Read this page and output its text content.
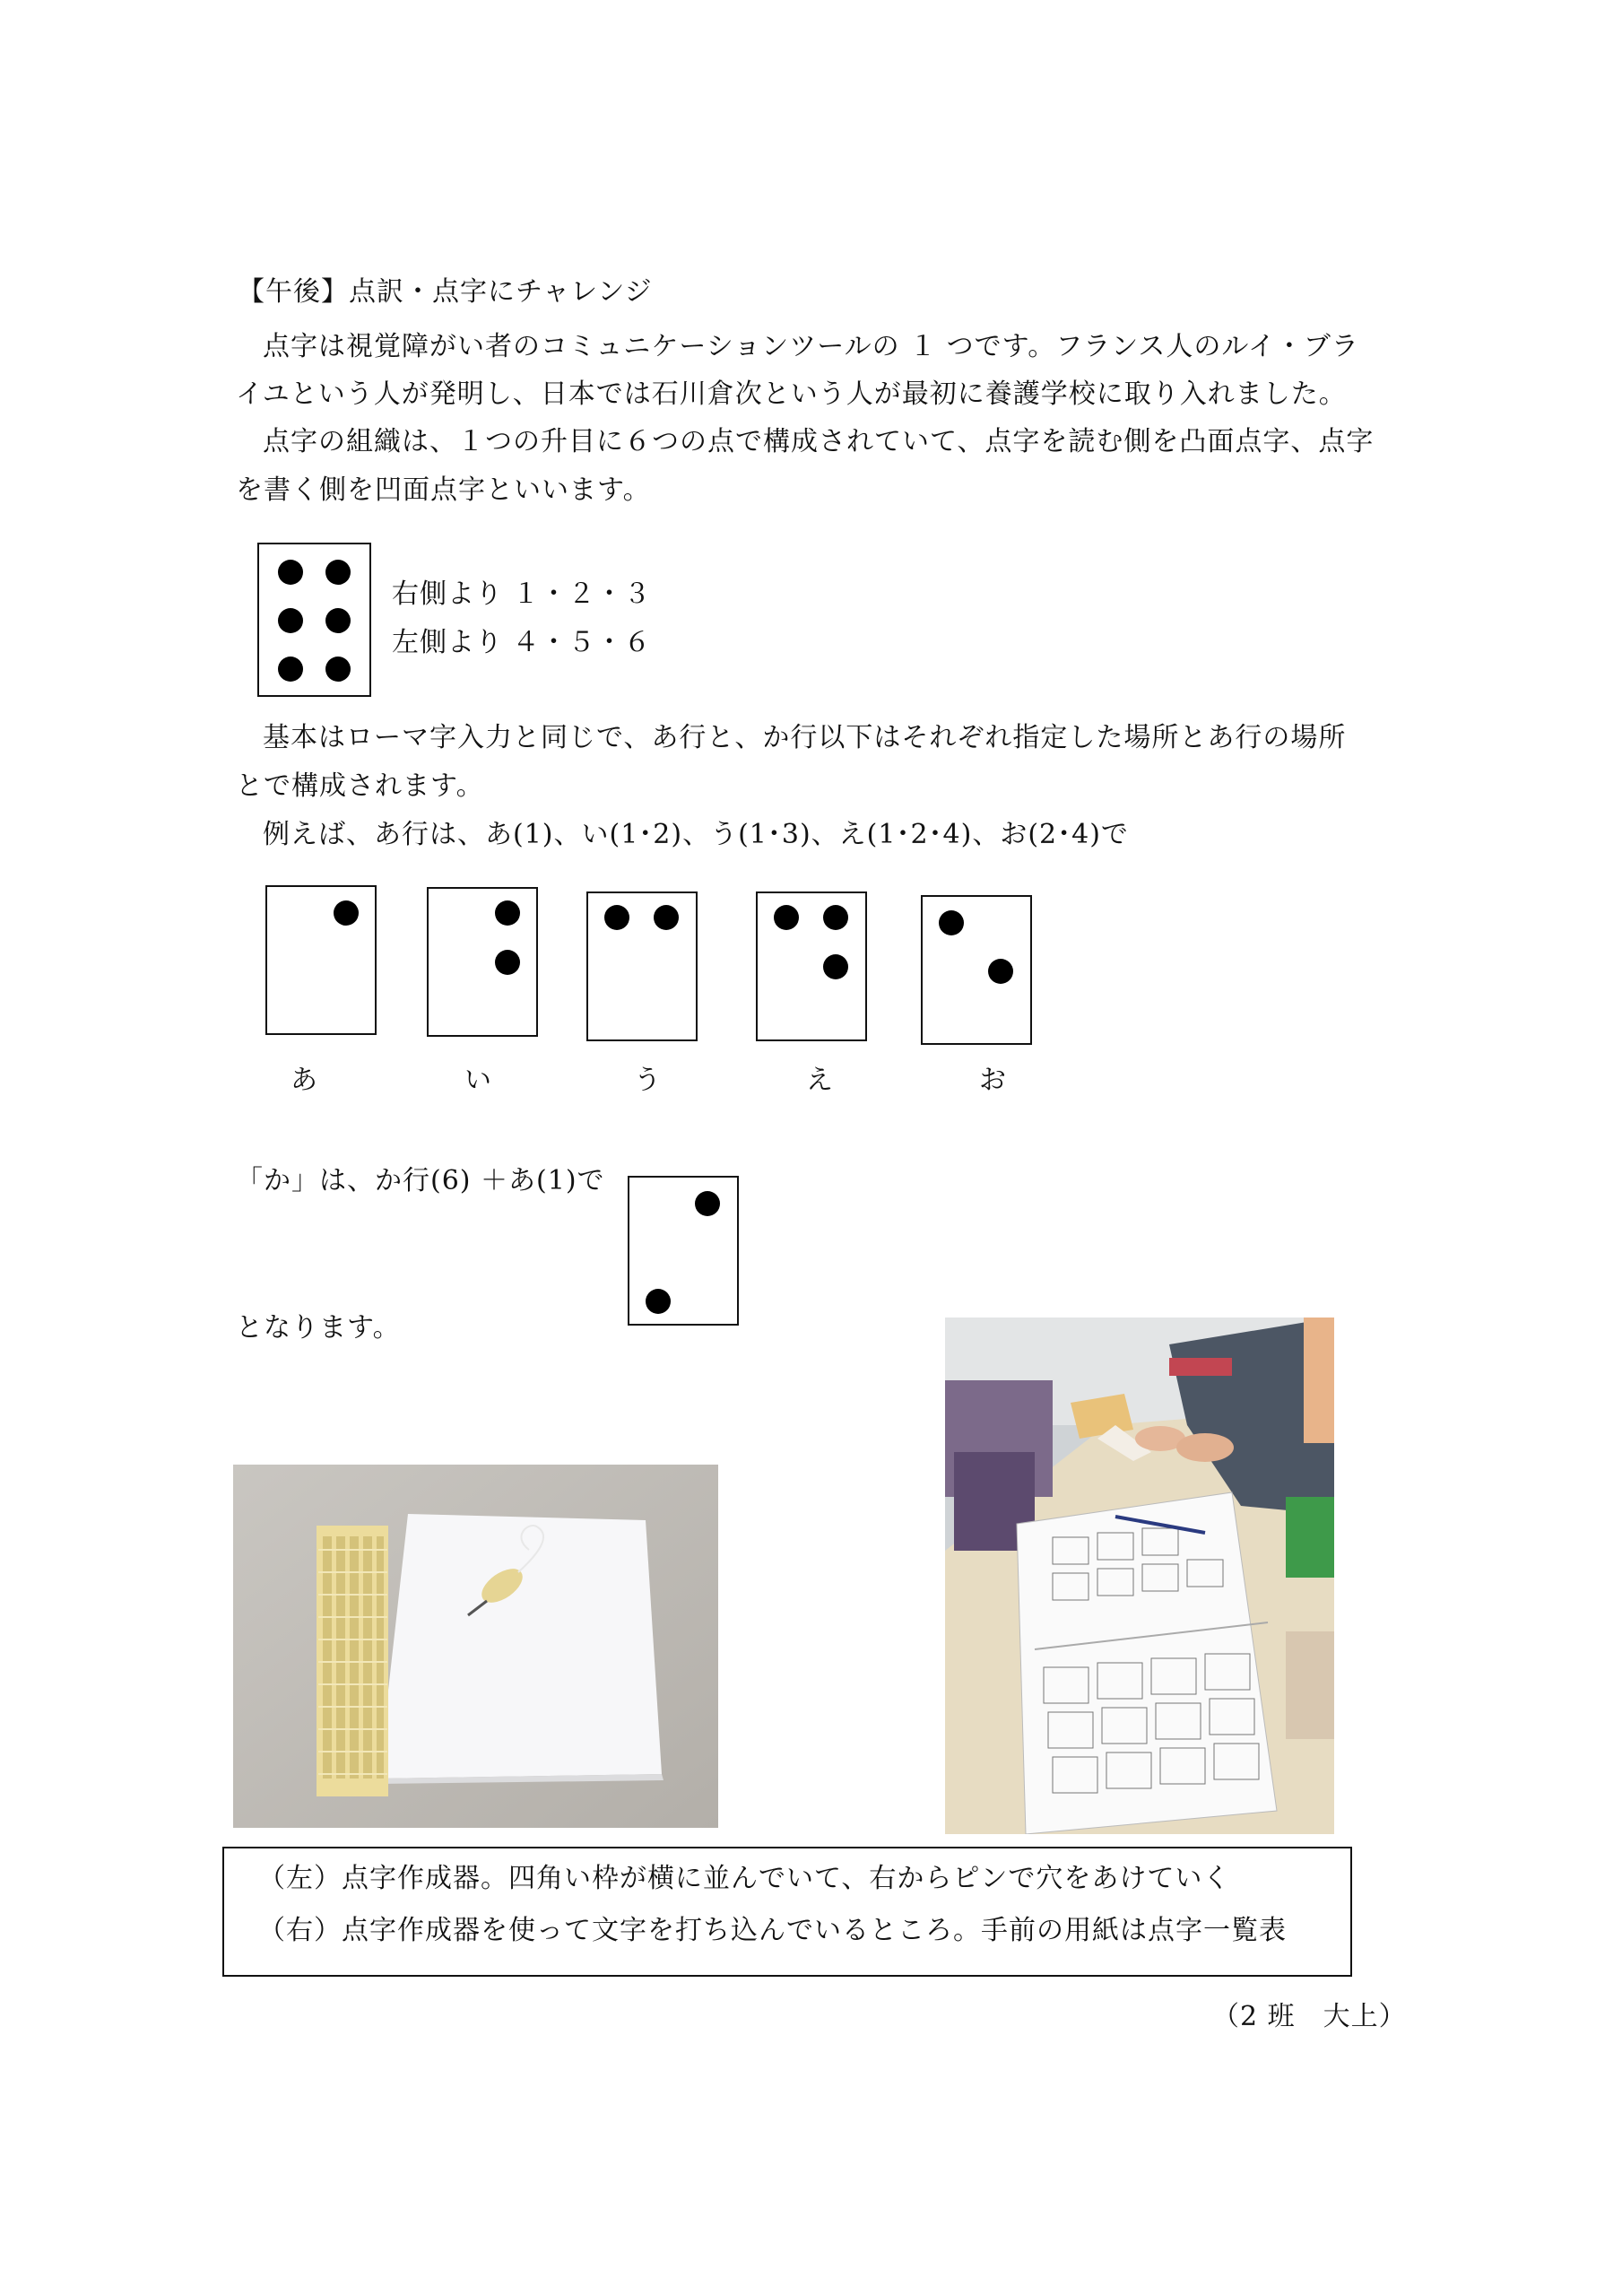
【午後】点訳・点字にチャレンジ
点字は視覚障がい者のコミュニケーションツールの １ つです。フランス人のルイ・ブラ
イユという人が発明し、日本では石川倉次という人が最初に養護学校に取り入れました。
点字の組織は、１つの升目に６つの点で構成されていて、点字を読む側を凸面点字、点字
を書く側を凹面点字といいます。
右側より １・２・３
左側より ４・５・６
基本はローマ字入力と同じで、あ行と、か行以下はそれぞれ指定した場所とあ行の場所
とで構成されます。
例えば、あ行は、あ(1)、い(1･2)、う(1･3)、え(1･2･4)、お(2･4)で
あ	い	う	え	お
「か」は、か行(6) ＋あ(1)で
となります。
（左）点字作成器。四角い枠が横に並んでいて、右からピンで穴をあけていく
（右）点字作成器を使って文字を打ち込んでいるところ。手前の用紙は点字一覧表
（2 班　大上）
